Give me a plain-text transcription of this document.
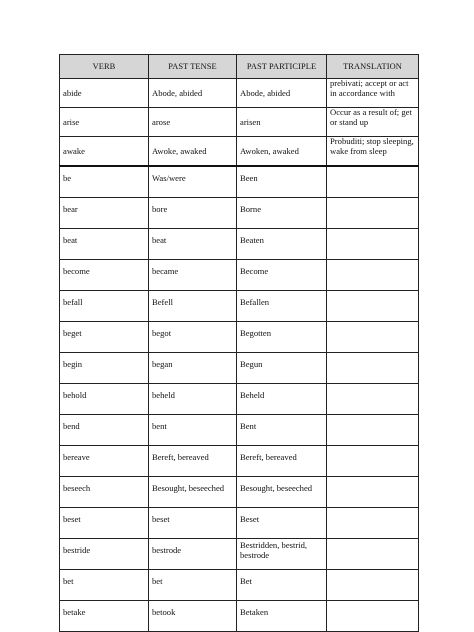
VERB	PAST TENSE	PAST PARTICIPLE	TRANSLATION
abide	Abode, abided	Abode, abided	prebivati; accept or act in accordance with
arise	arose	arisen	Occur as a result of; get or stand up
awake	Awoke, awaked	Awoken, awaked	Probuditi; stop sleeping, wake from sleep
be	Was/were	Been	
bear	bore	Borne	
beat	beat	Beaten	
become	became	Become	
befall	Befell	Befallen	
beget	begot	Begotten	
begin	began	Begun	
behold	beheld	Beheld	
bend	bent	Bent	
bereave	Bereft, bereaved	Bereft, bereaved	
beseech	Besought, beseeched	Besought, beseeched	
beset	beset	Beset	
bestride	bestrode	Bestridden, bestrid, bestrode	
bet	bet	Bet	
betake	betook	Betaken	
